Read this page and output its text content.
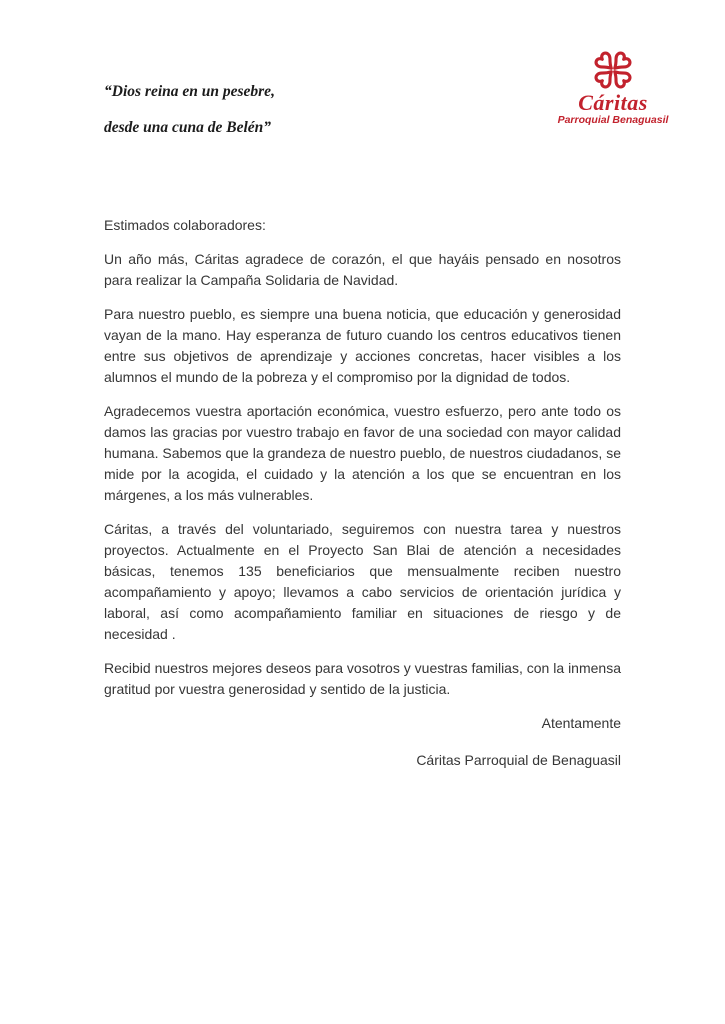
“Dios reina en un pesebre,

desde una cuna de Belén”

Cáritas
Parroquial Benaguasil

Estimados colaboradores:

Un año más, Cáritas agradece de corazón, el que hayáis pensado en nosotros para realizar la Campaña Solidaria de Navidad.

Para nuestro pueblo, es siempre una buena noticia, que educación y generosidad vayan de la mano. Hay esperanza de futuro cuando los centros educativos tienen entre sus objetivos de aprendizaje y acciones concretas, hacer visibles a los alumnos el mundo de la pobreza y el compromiso por la dignidad de todos.

Agradecemos vuestra aportación económica, vuestro esfuerzo, pero ante todo os damos las gracias por vuestro trabajo en favor de una sociedad con mayor calidad humana. Sabemos que la grandeza de nuestro pueblo, de nuestros ciudadanos, se mide por la acogida, el cuidado y la atención a los que se encuentran en los márgenes, a los más vulnerables.

Cáritas, a través del voluntariado, seguiremos con nuestra tarea y nuestros proyectos. Actualmente en el Proyecto San Blai de atención a necesidades básicas, tenemos 135 beneficiarios que mensualmente reciben nuestro acompañamiento y apoyo; llevamos a cabo servicios de orientación jurídica y laboral, así como acompañamiento familiar en situaciones de riesgo y de necesidad .

Recibid nuestros mejores deseos para vosotros y vuestras familias, con la inmensa gratitud por vuestra generosidad y sentido de la justicia.

Atentamente

Cáritas Parroquial de Benaguasil
